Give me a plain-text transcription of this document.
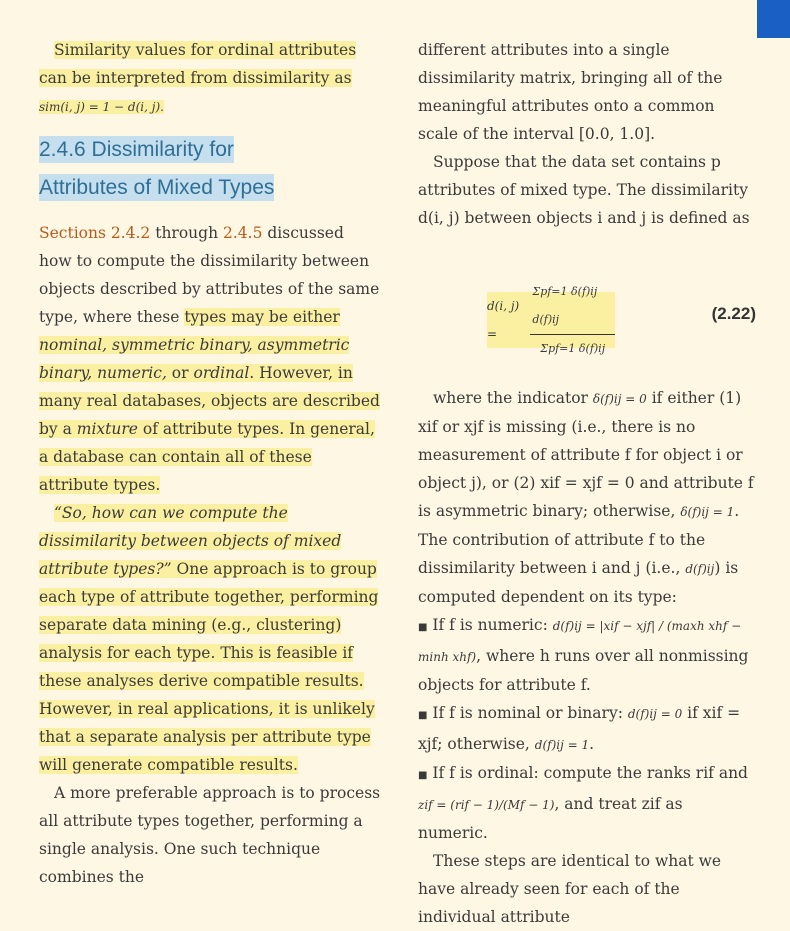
Similarity values for ordinal attributes can be interpreted from dissimilarity as sim(i, j) = 1 − d(i, j).

2.4.6 Dissimilarity for
Attributes of Mixed Types

Sections 2.4.2 through 2.4.5 discussed how to compute the dissimilarity between objects described by attributes of the same type, where these types may be either nominal, symmetric binary, asymmetric binary, numeric, or ordinal. However, in many real databases, objects are described by a mixture of attribute types. In general, a database can contain all of these attribute types.

“So, how can we compute the dissimilarity between objects of mixed attribute types?” One approach is to group each type of attribute together, performing separate data mining (e.g., clustering) analysis for each type. This is feasible if these analyses derive compatible results. However, in real applications, it is unlikely that a separate analysis per attribute type will generate compatible results.

A more preferable approach is to process all attribute types together, performing a single analysis. One such technique combines the

different attributes into a single dissimilarity matrix, bringing all of the meaningful attributes onto a common scale of the interval [0.0, 1.0].

Suppose that the data set contains p attributes of mixed type. The dissimilarity d(i, j) between objects i and j is defined as

d(i, j) =	$\frac{\text{Σpf=1 δ(f)ij d(f)ij}}{\text{Σpf=1 δ(f)ij}}$	(2.22)

where the indicator δ(f)ij = 0 if either (1) xif or xjf is missing (i.e., there is no measurement of attribute f for object i or object j), or (2) xif = xjf = 0 and attribute f is asymmetric binary; otherwise, δ(f)ij = 1. The contribution of attribute f to the dissimilarity between i and j (i.e., d(f)ij) is computed dependent on its type:

■ If f is numeric: d(f)ij = |xif − xjf| / (maxh xhf − minh xhf), where h runs over all nonmissing objects for attribute f.

■ If f is nominal or binary: d(f)ij = 0 if xif = xjf; otherwise, d(f)ij = 1.

■ If f is ordinal: compute the ranks rif and zif = (rif − 1)/(Mf − 1), and treat zif as numeric.

These steps are identical to what we have already seen for each of the individual attribute
